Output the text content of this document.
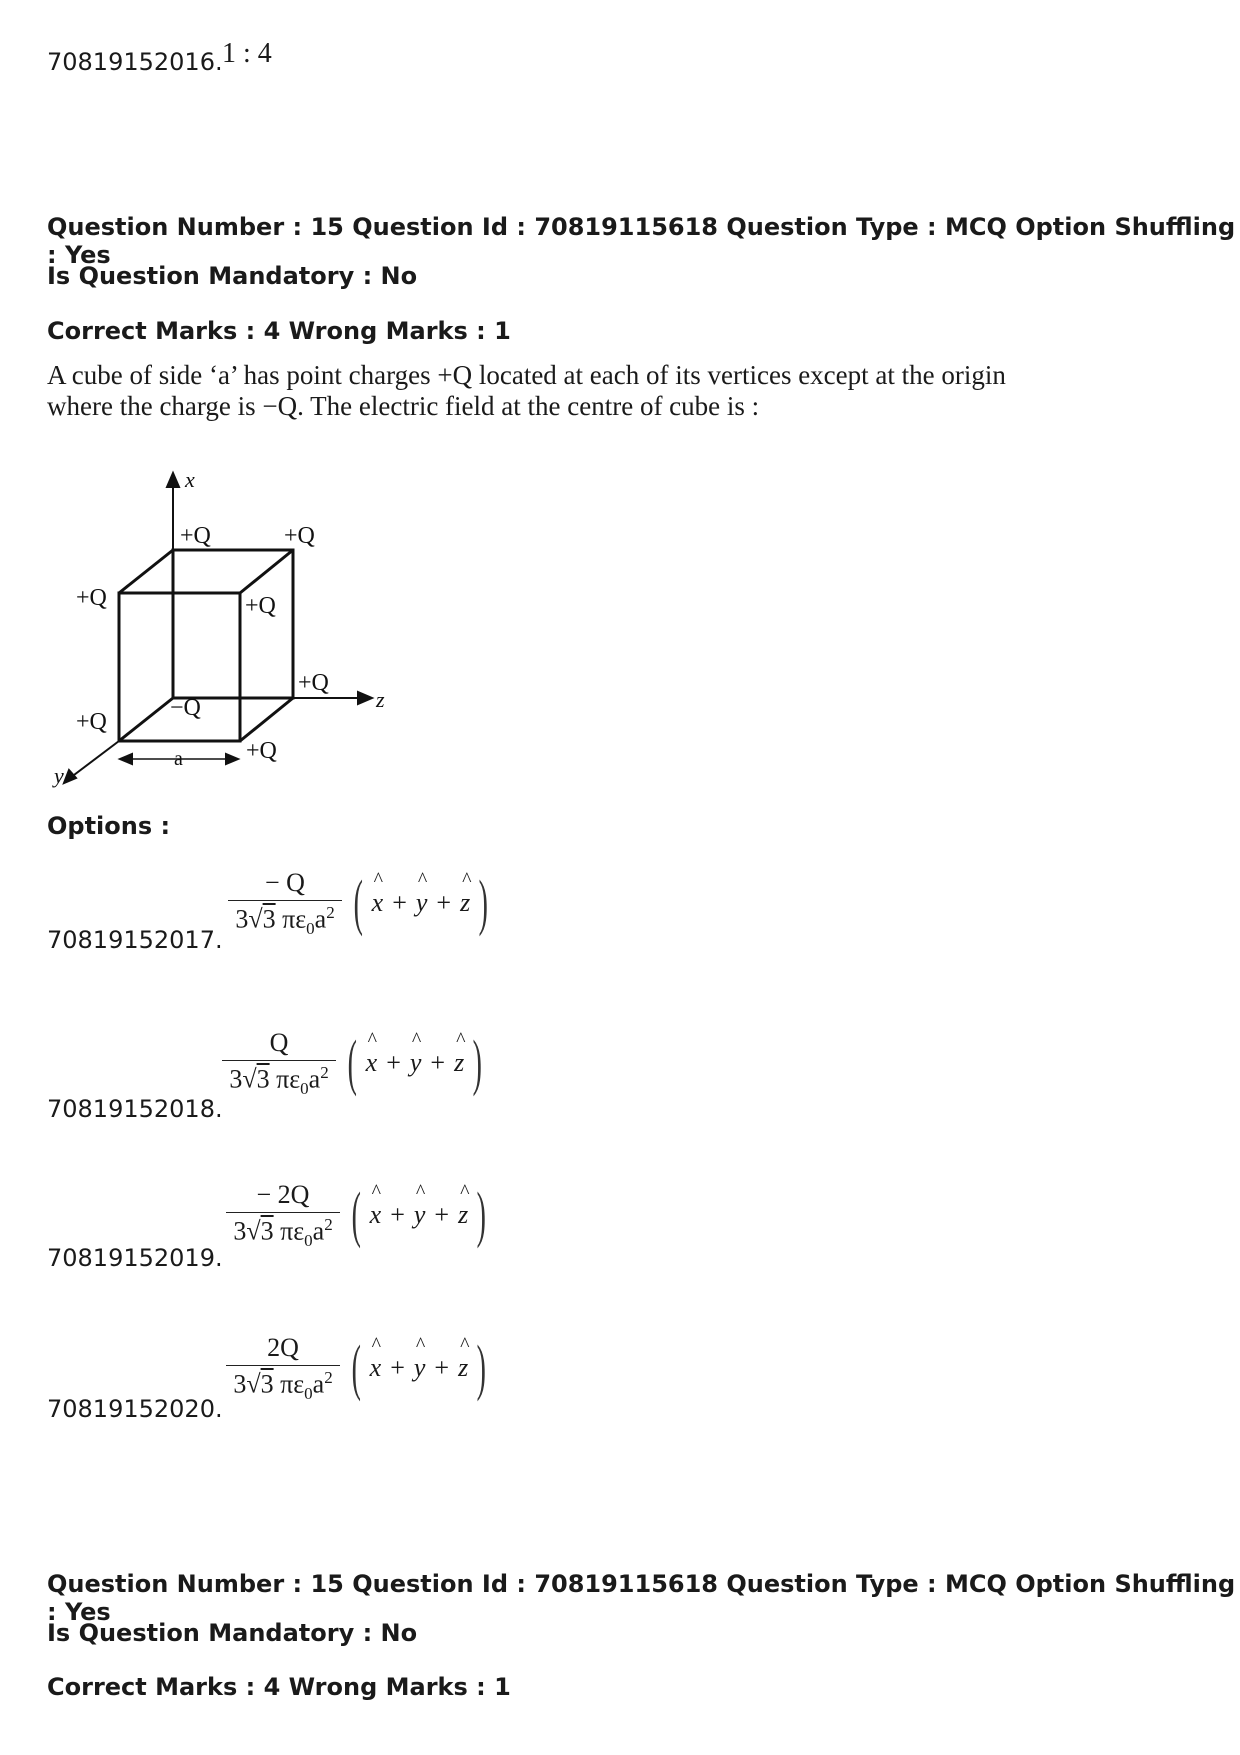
70819152016. 1 : 4
Question Number : 15 Question Id : 70819115618 Question Type : MCQ Option Shuffling : Yes
Is Question Mandatory : No
Correct Marks : 4 Wrong Marks : 1
A cube of side ‘a’ has point charges +Q located at each of its vertices except at the origin
where the charge is −Q. The electric field at the centre of cube is :
x
z
y
a
+Q	+Q
+Q	+Q
+Q
−Q
+Q
+Q
Options :
70819152017.
$\frac{- Q}{3√3 \pi\varepsilon_0a^2}$ ( ^ x + ^ y + ^ z )
70819152018.
$\frac{Q}{3√3 \pi\varepsilon_0a^2}$ ( ^ x + ^ y + ^ z )
70819152019.
$\frac{- 2Q}{3√3 \pi\varepsilon_0a^2}$ ( ^ x + ^ y + ^ z )
70819152020.
$\frac{2Q}{3√3 \pi\varepsilon_0a^2}$ ( ^ x + ^ y + ^ z )
Question Number : 15 Question Id : 70819115618 Question Type : MCQ Option Shuffling : Yes
Is Question Mandatory : No
Correct Marks : 4 Wrong Marks : 1
